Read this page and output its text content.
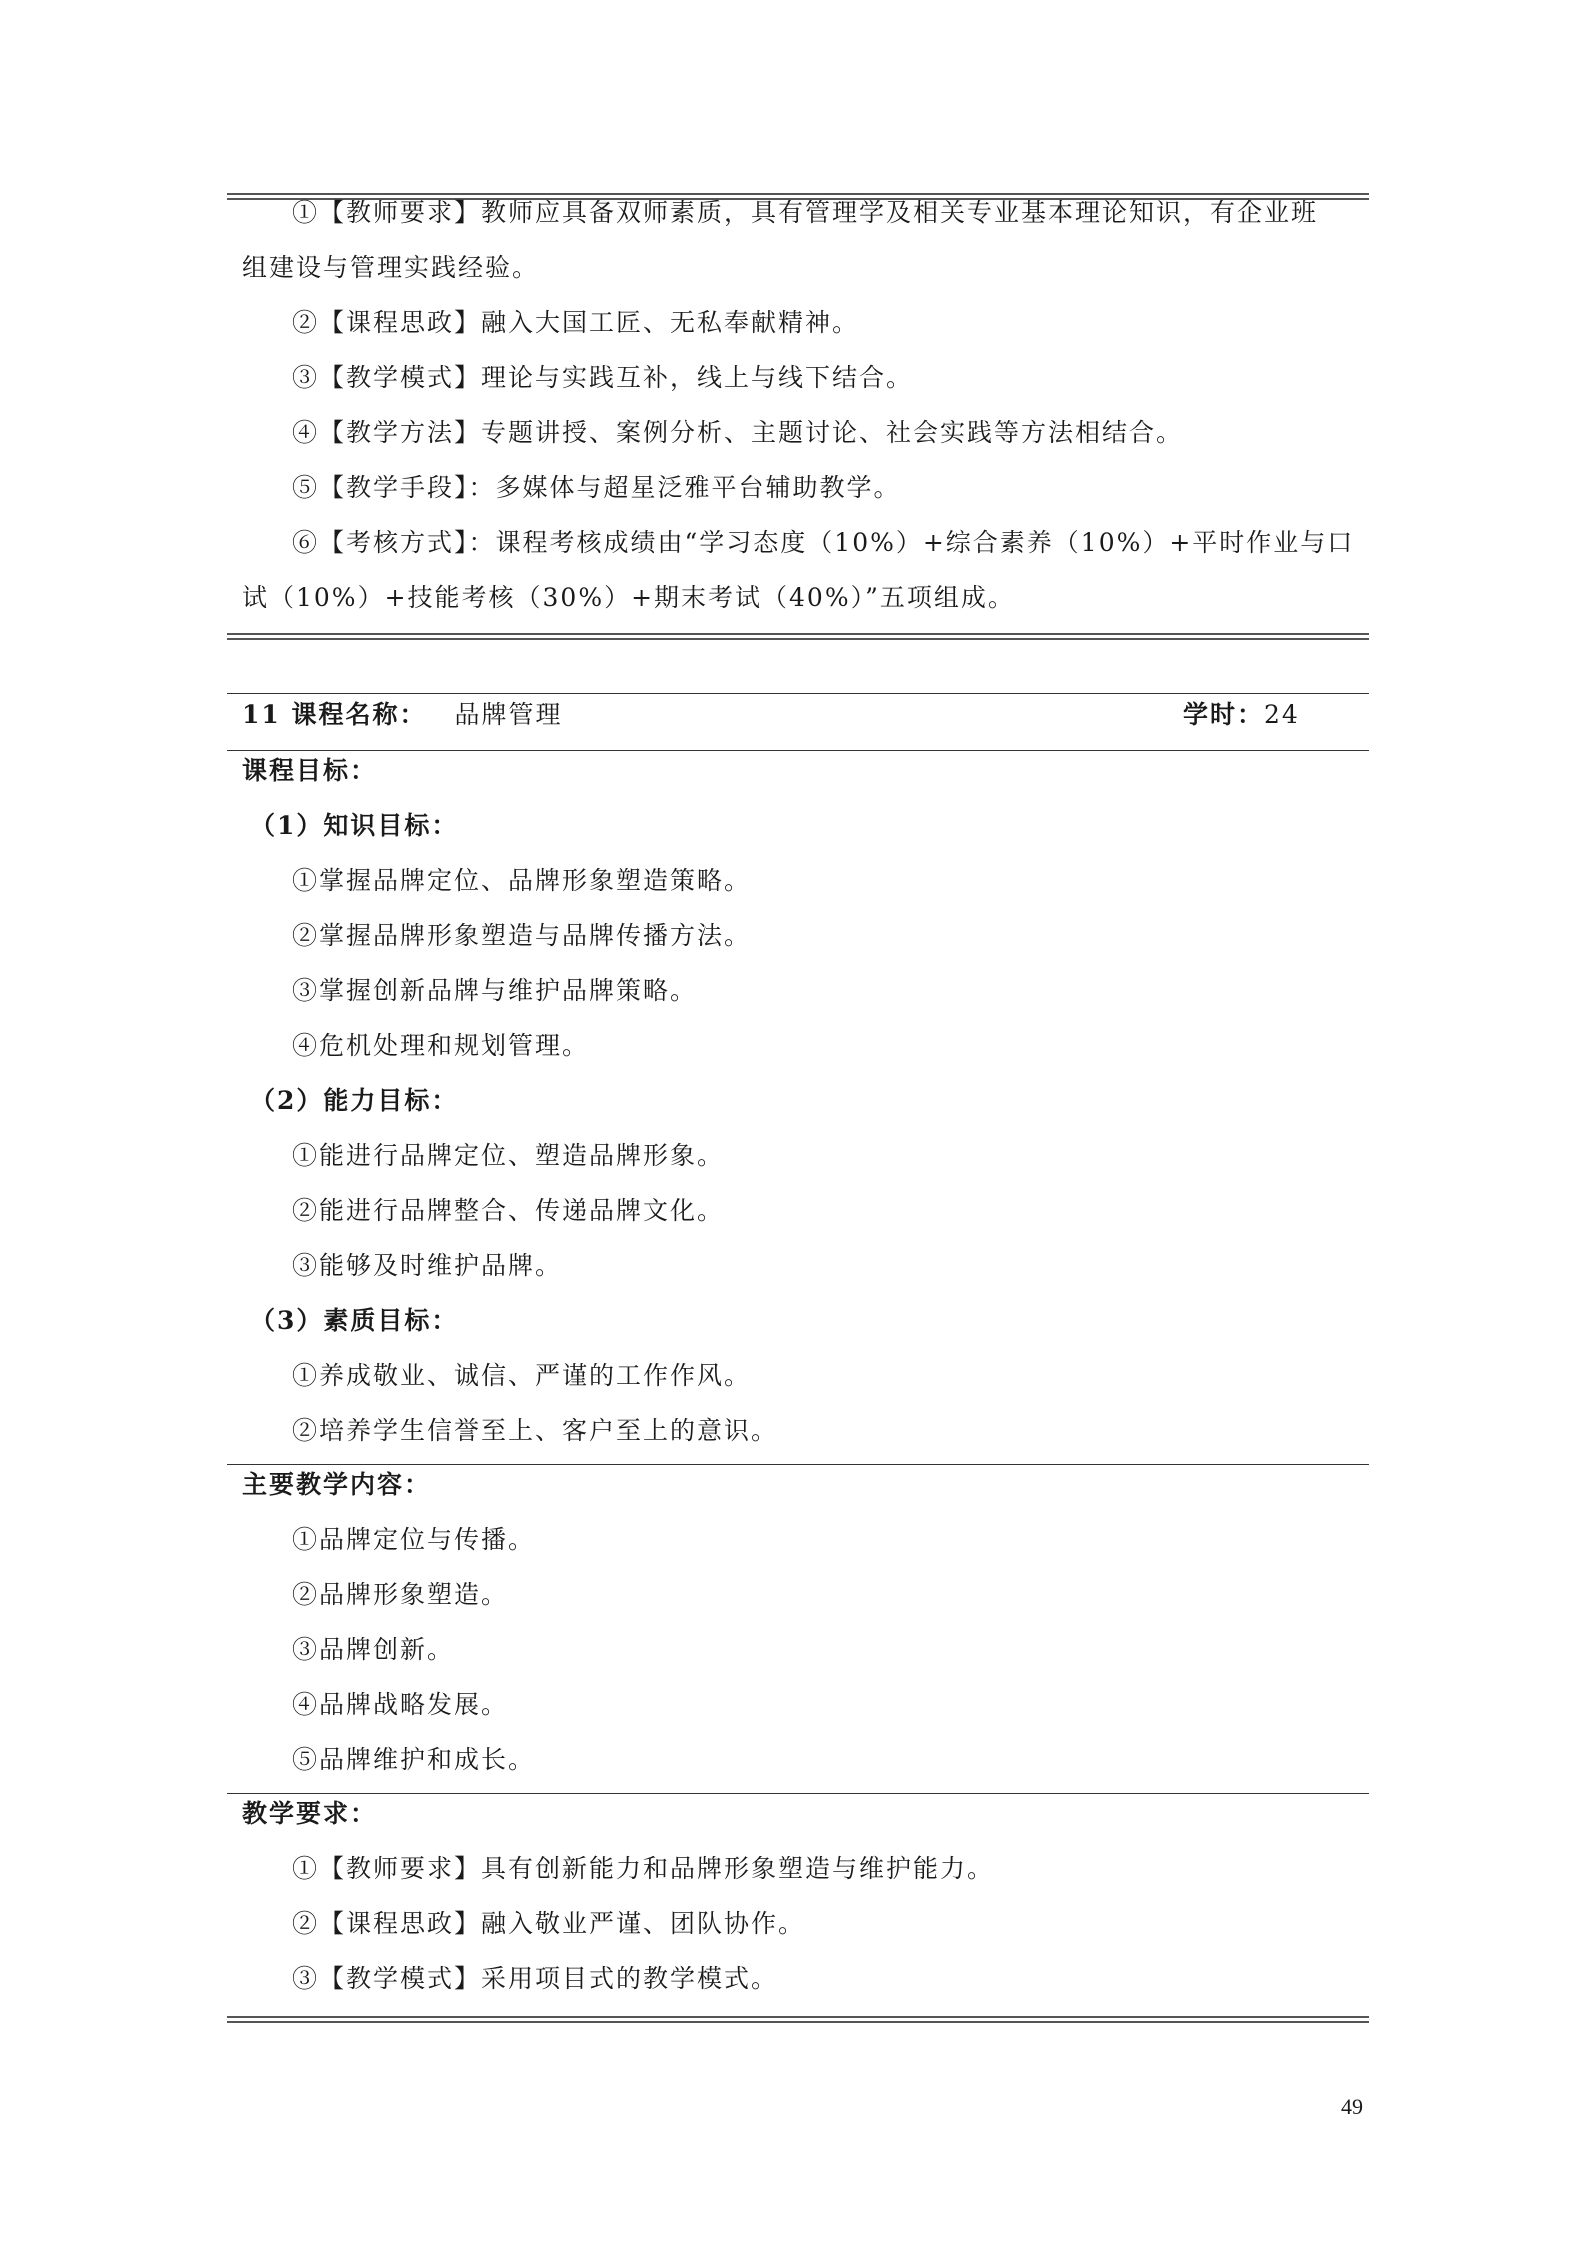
①【教师要求】教师应具备双师素质，具有管理学及相关专业基本理论知识，有企业班
组建设与管理实践经验。
②【课程思政】融入大国工匠、无私奉献精神。
③【教学模式】理论与实践互补，线上与线下结合。
④【教学方法】专题讲授、案例分析、主题讨论、社会实践等方法相结合。
⑤【教学手段】：多媒体与超星泛雅平台辅助教学。
⑥【考核方式】：课程考核成绩由“学习态度（10%）+综合素养（10%）+平时作业与口
试（10%）+技能考核（30%）+期末考试（40%）”五项组成。
11 课程名称： 品牌管理	学时：24
课程目标：
（1）知识目标：
①掌握品牌定位、品牌形象塑造策略。
②掌握品牌形象塑造与品牌传播方法。
③掌握创新品牌与维护品牌策略。
④危机处理和规划管理。
（2）能力目标：
①能进行品牌定位、塑造品牌形象。
②能进行品牌整合、传递品牌文化。
③能够及时维护品牌。
（3）素质目标：
①养成敬业、诚信、严谨的工作作风。
②培养学生信誉至上、客户至上的意识。
主要教学内容：
①品牌定位与传播。
②品牌形象塑造。
③品牌创新。
④品牌战略发展。
⑤品牌维护和成长。
教学要求：
①【教师要求】具有创新能力和品牌形象塑造与维护能力。
②【课程思政】融入敬业严谨、团队协作。
③【教学模式】采用项目式的教学模式。
49
